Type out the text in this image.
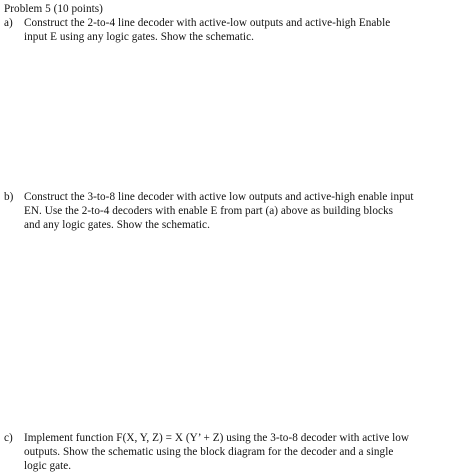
Problem 5 (10 points)
a)	Construct the 2-to-4 line decoder with active-low outputs and active-high Enable
input E using any logic gates. Show the schematic.
b) Construct the 3-to-8 line decoder with active low outputs and active-high enable input
EN. Use the 2-to-4 decoders with enable E from part (a) above as building blocks
and any logic gates. Show the schematic.
c)	Implement function F(X, Y, Z) = X (Y’ + Z) using the 3-to-8 decoder with active low
outputs. Show the schematic using the block diagram for the decoder and a single
logic gate.
